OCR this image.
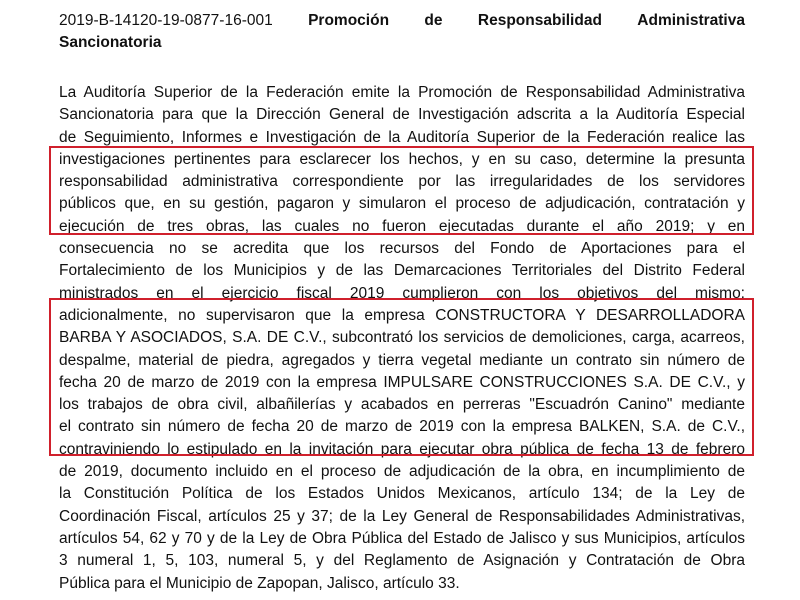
2019-B-14120-19-0877-16-001 Promoción de Responsabilidad Administrativa
Sancionatoria
La Auditoría Superior de la Federación emite la Promoción de Responsabilidad Administrativa
Sancionatoria para que la Dirección General de Investigación adscrita a la Auditoría Especial
de Seguimiento, Informes e Investigación de la Auditoría Superior de la Federación realice las
investigaciones pertinentes para esclarecer los hechos, y en su caso, determine la presunta
responsabilidad administrativa correspondiente por las irregularidades de los servidores
públicos que, en su gestión, pagaron y simularon el proceso de adjudicación, contratación y
ejecución de tres obras, las cuales no fueron ejecutadas durante el año 2019; y en
consecuencia no se acredita que los recursos del Fondo de Aportaciones para el
Fortalecimiento de los Municipios y de las Demarcaciones Territoriales del Distrito Federal
ministrados en el ejercicio fiscal 2019 cumplieron con los objetivos del mismo;
adicionalmente, no supervisaron que la empresa CONSTRUCTORA Y DESARROLLADORA
BARBA Y ASOCIADOS, S.A. DE C.V., subcontrató los servicios de demoliciones, carga, acarreos,
despalme, material de piedra, agregados y tierra vegetal mediante un contrato sin número de
fecha 20 de marzo de 2019 con la empresa IMPULSARE CONSTRUCCIONES S.A. DE C.V., y
los trabajos de obra civil, albañilerías y acabados en perreras "Escuadrón Canino" mediante
el contrato sin número de fecha 20 de marzo de 2019 con la empresa BALKEN, S.A. de C.V.,
contraviniendo lo estipulado en la invitación para ejecutar obra pública de fecha 13 de febrero
de 2019, documento incluido en el proceso de adjudicación de la obra, en incumplimiento de
la Constitución Política de los Estados Unidos Mexicanos, artículo 134; de la Ley de
Coordinación Fiscal, artículos 25 y 37; de la Ley General de Responsabilidades Administrativas,
artículos 54, 62 y 70 y de la Ley de Obra Pública del Estado de Jalisco y sus Municipios, artículos
3 numeral 1, 5, 103, numeral 5, y del Reglamento de Asignación y Contratación de Obra
Pública para el Municipio de Zapopan, Jalisco, artículo 33.
